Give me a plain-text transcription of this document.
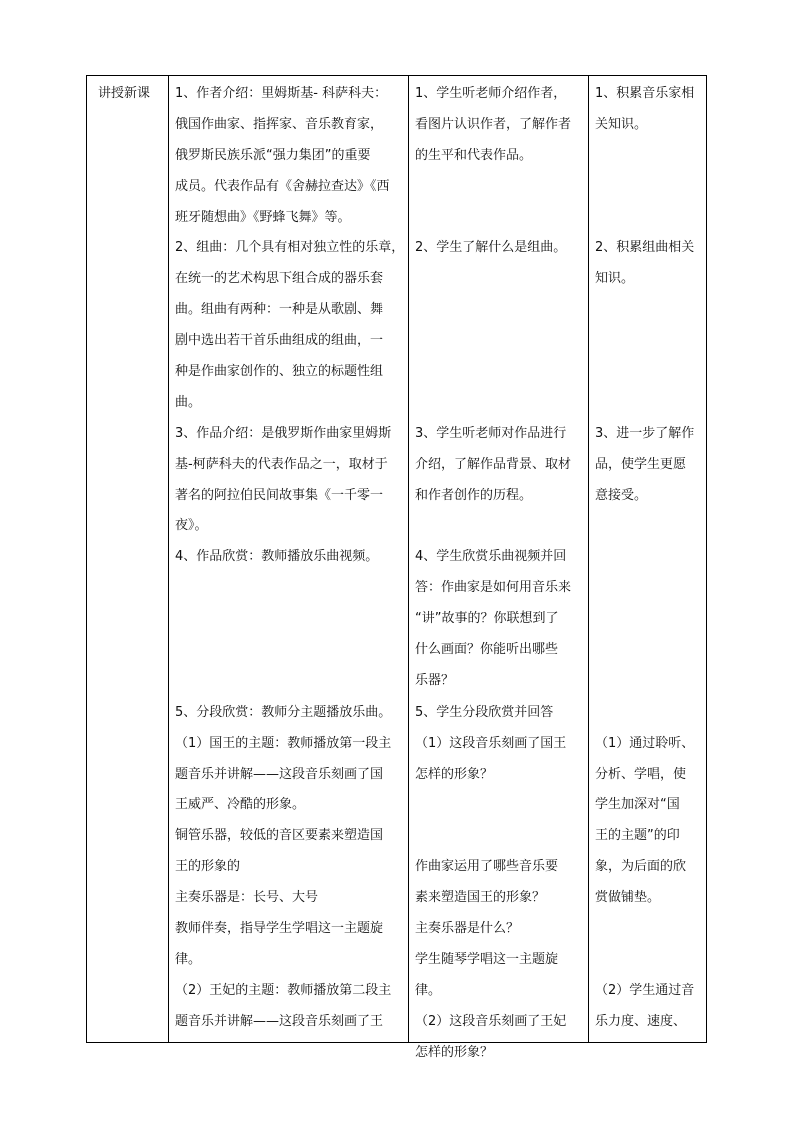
讲授新课 1、作者介绍：里姆斯基- 科萨科夫：
俄国作曲家、指挥家、音乐教育家，
俄罗斯民族乐派“强力集团”的重要
成员。代表作品有《舍赫拉查达》《西
班牙随想曲》《野蜂飞舞》等。
2、组曲：几个具有相对独立性的乐章，
在统一的艺术构思下组合成的器乐套
曲。组曲有两种：一种是从歌剧、舞
剧中选出若干首乐曲组成的组曲，一
种是作曲家创作的、独立的标题性组
曲。
3、作品介绍：是俄罗斯作曲家里姆斯
基-柯萨科夫的代表作品之一，取材于
著名的阿拉伯民间故事集《一千零一
夜》。
4、作品欣赏：教师播放乐曲视频。
5、分段欣赏：教师分主题播放乐曲。
（1）国王的主题：教师播放第一段主
题音乐并讲解——这段音乐刻画了国
王威严、冷酷的形象。
铜管乐器，较低的音区要素来塑造国
王的形象的
主奏乐器是：长号、大号
教师伴奏，指导学生学唱这一主题旋
律。
（2）王妃的主题：教师播放第二段主
题音乐并讲解——这段音乐刻画了王
1、学生听老师介绍作者，
看图片认识作者，了解作者
的生平和代表作品。
2、学生了解什么是组曲。
3、学生听老师对作品进行
介绍，了解作品背景、取材
和作者创作的历程。
4、学生欣赏乐曲视频并回
答：作曲家是如何用音乐来
“讲”故事的？你联想到了
什么画面？你能听出哪些
乐器？
5、学生分段欣赏并回答
（1）这段音乐刻画了国王
怎样的形象？
作曲家运用了哪些音乐要
素来塑造国王的形象？
主奏乐器是什么？
学生随琴学唱这一主题旋
律。
（2）这段音乐刻画了王妃
怎样的形象？
1、积累音乐家相
关知识。
2、积累组曲相关
知识。
3、进一步了解作
品，使学生更愿
意接受。
（1）通过聆听、
分析、学唱，使
学生加深对“国
王的主题”的印
象，为后面的欣
赏做铺垫。
（2）学生通过音
乐力度、速度、
